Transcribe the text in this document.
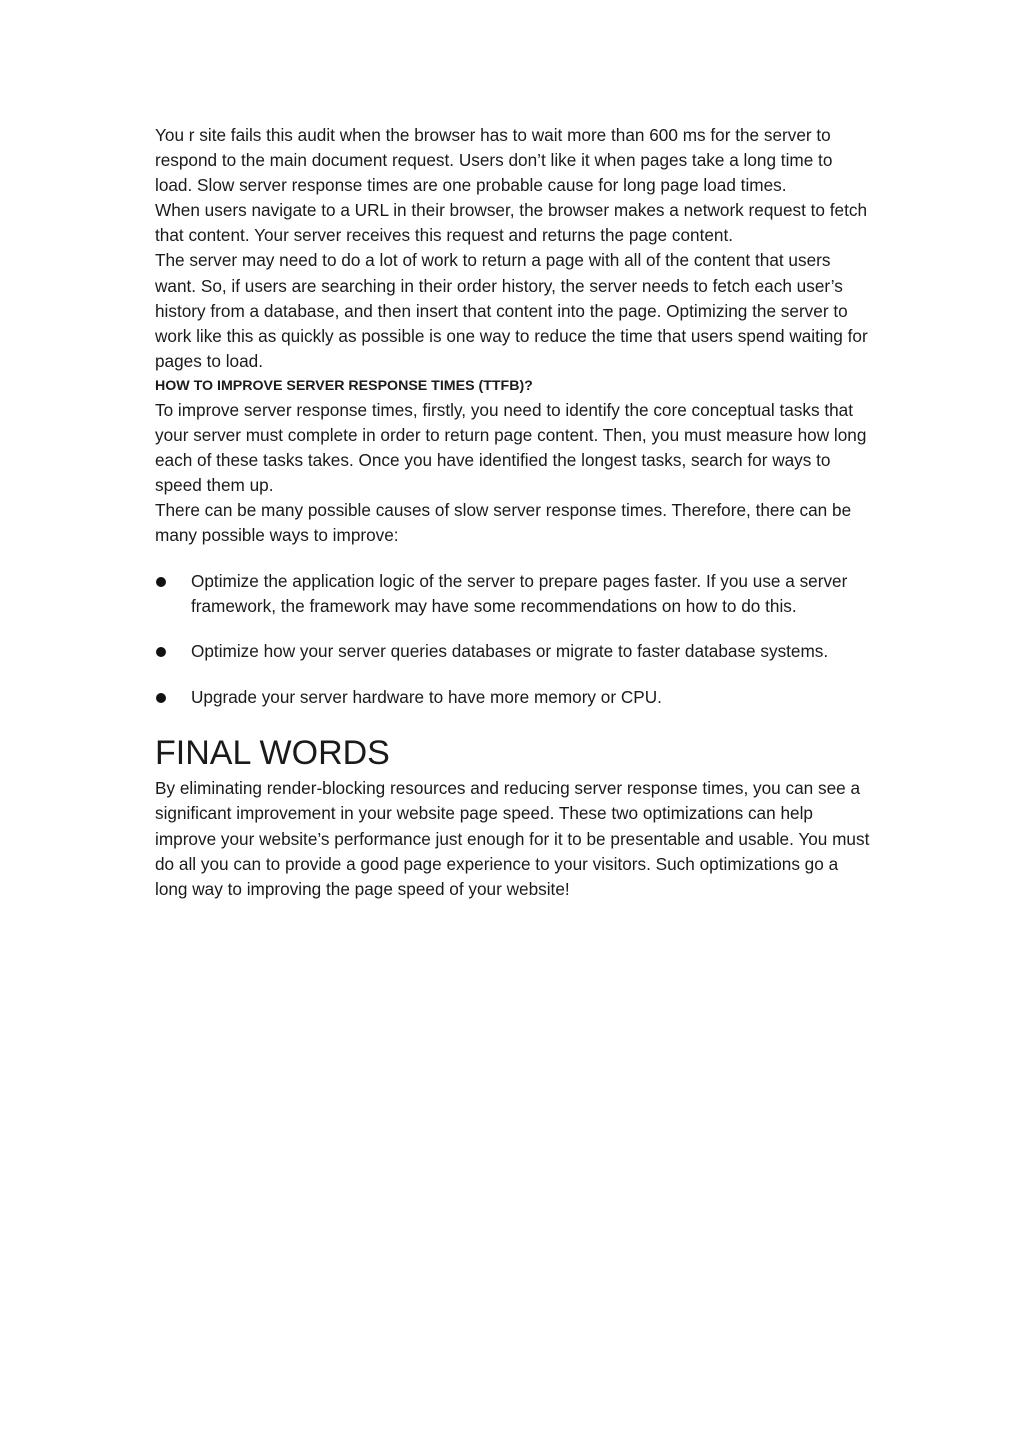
You r site fails this audit when the browser has to wait more than 600 ms for the server to respond to the main document request. Users don’t like it when pages take a long time to load. Slow server response times are one probable cause for long page load times.

When users navigate to a URL in their browser, the browser makes a network request to fetch that content. Your server receives this request and returns the page content.

The server may need to do a lot of work to return a page with all of the content that users want. So, if users are searching in their order history, the server needs to fetch each user’s history from a database, and then insert that content into the page. Optimizing the server to work like this as quickly as possible is one way to reduce the time that users spend waiting for pages to load.

HOW TO IMPROVE SERVER RESPONSE TIMES (TTFB)?

To improve server response times, firstly, you need to identify the core conceptual tasks that your server must complete in order to return page content. Then, you must measure how long each of these tasks takes. Once you have identified the longest tasks, search for ways to speed them up.

There can be many possible causes of slow server response times. Therefore, there can be many possible ways to improve:

Optimize the application logic of the server to prepare pages faster. If you use a server framework, the framework may have some recommendations on how to do this.
Optimize how your server queries databases or migrate to faster database systems.
Upgrade your server hardware to have more memory or CPU.
FINAL WORDS

By eliminating render-blocking resources and reducing server response times, you can see a significant improvement in your website page speed. These two optimizations can help improve your website’s performance just enough for it to be presentable and usable. You must do all you can to provide a good page experience to your visitors. Such optimizations go a long way to improving the page speed of your website!
